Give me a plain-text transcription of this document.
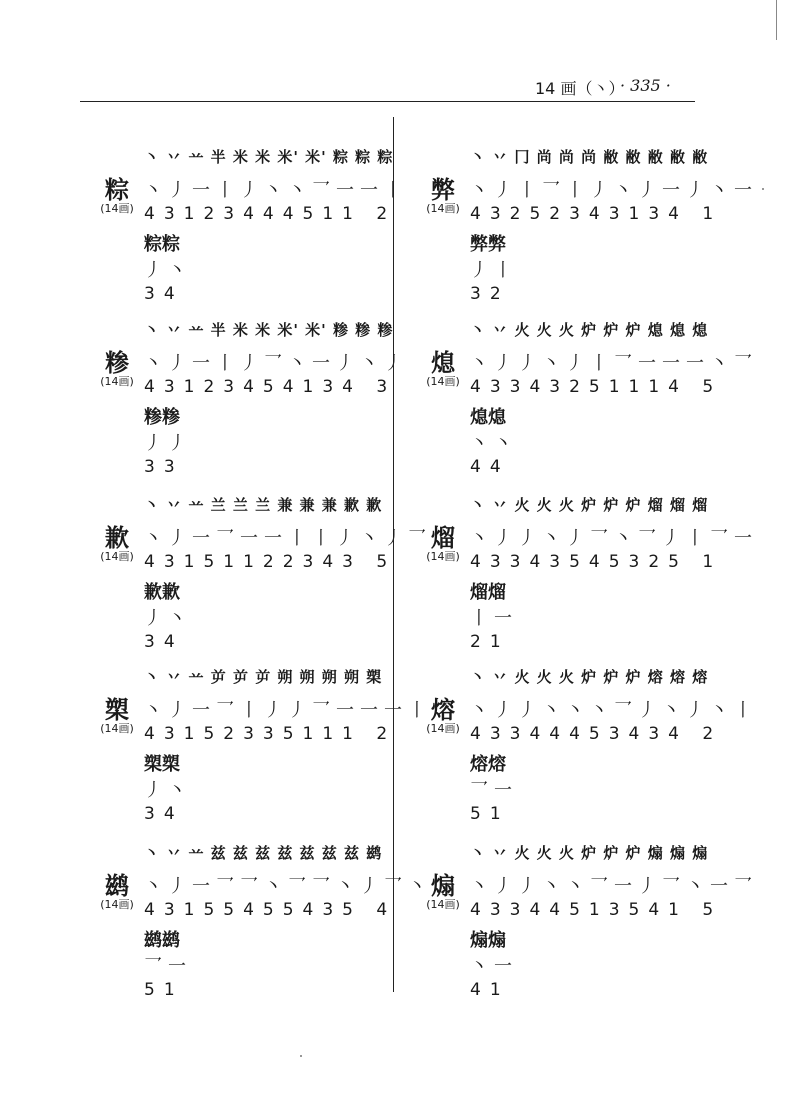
14 画（丶）
· 335 ·
粽
(14画)
丶 丷 䒑 半 米 米 米' 米' 粽 粽 粽
丶丿一丨丿丶丶乛一一丨
43123444511 2
粽粽
丿丶
34
糁
(14画)
丶 丷 䒑 半 米 米 米' 米' 糁 糁 糁
丶丿一丨丿乛丶一丿丶丿
43123454134 3
糁糁
丿丿
33
歉
(14画)
丶 丷 䒑 兰 兰 兰 兼 兼 兼 歉 歉
丶丿一乛一一丨丨丿丶丿乛
43151122343 5
歉歉
丿丶
34
槊
(14画)
丶 丷 䒑 屰 屰 屰 朔 朔 朔 朔 槊
丶丿一乛丨丿丿乛一一一丨
43152335111 2
槊槊
丿丶
34
鹚
(14画)
丶 丷 䒑 兹 兹 兹 兹 兹 兹 兹 鹚
丶丿一乛乛丶乛乛丶丿乛丶
43155455435 4
鹚鹚
乛一
51
弊
(14画)
丶 丷 冂 尚 尚 尚 敝 敝 敝 敝 敝
丶丿丨乛丨丿丶丿一丿丶一
43252343134 1
弊弊
丿丨
32
熄
(14画)
丶 丷 火 火 火 炉 炉 炉 熄 熄 熄
丶丿丿丶丿丨乛一一一丶乛
43343251114 5
熄熄
丶丶
44
熘
(14画)
丶 丷 火 火 火 炉 炉 炉 熘 熘 熘
丶丿丿丶丿乛丶乛丿丨乛一
43343545325 1
熘熘
丨一
21
熔
(14画)
丶 丷 火 火 火 炉 炉 炉 熔 熔 熔
丶丿丿丶丶丶乛丿丶丿丶丨
43344453434 2
熔熔
乛一
51
煽
(14画)
丶 丷 火 火 火 炉 炉 炉 煽 煽 煽
丶丿丿丶丶乛一丿乛丶一乛
43344513541 5
煽煽
丶一
41
